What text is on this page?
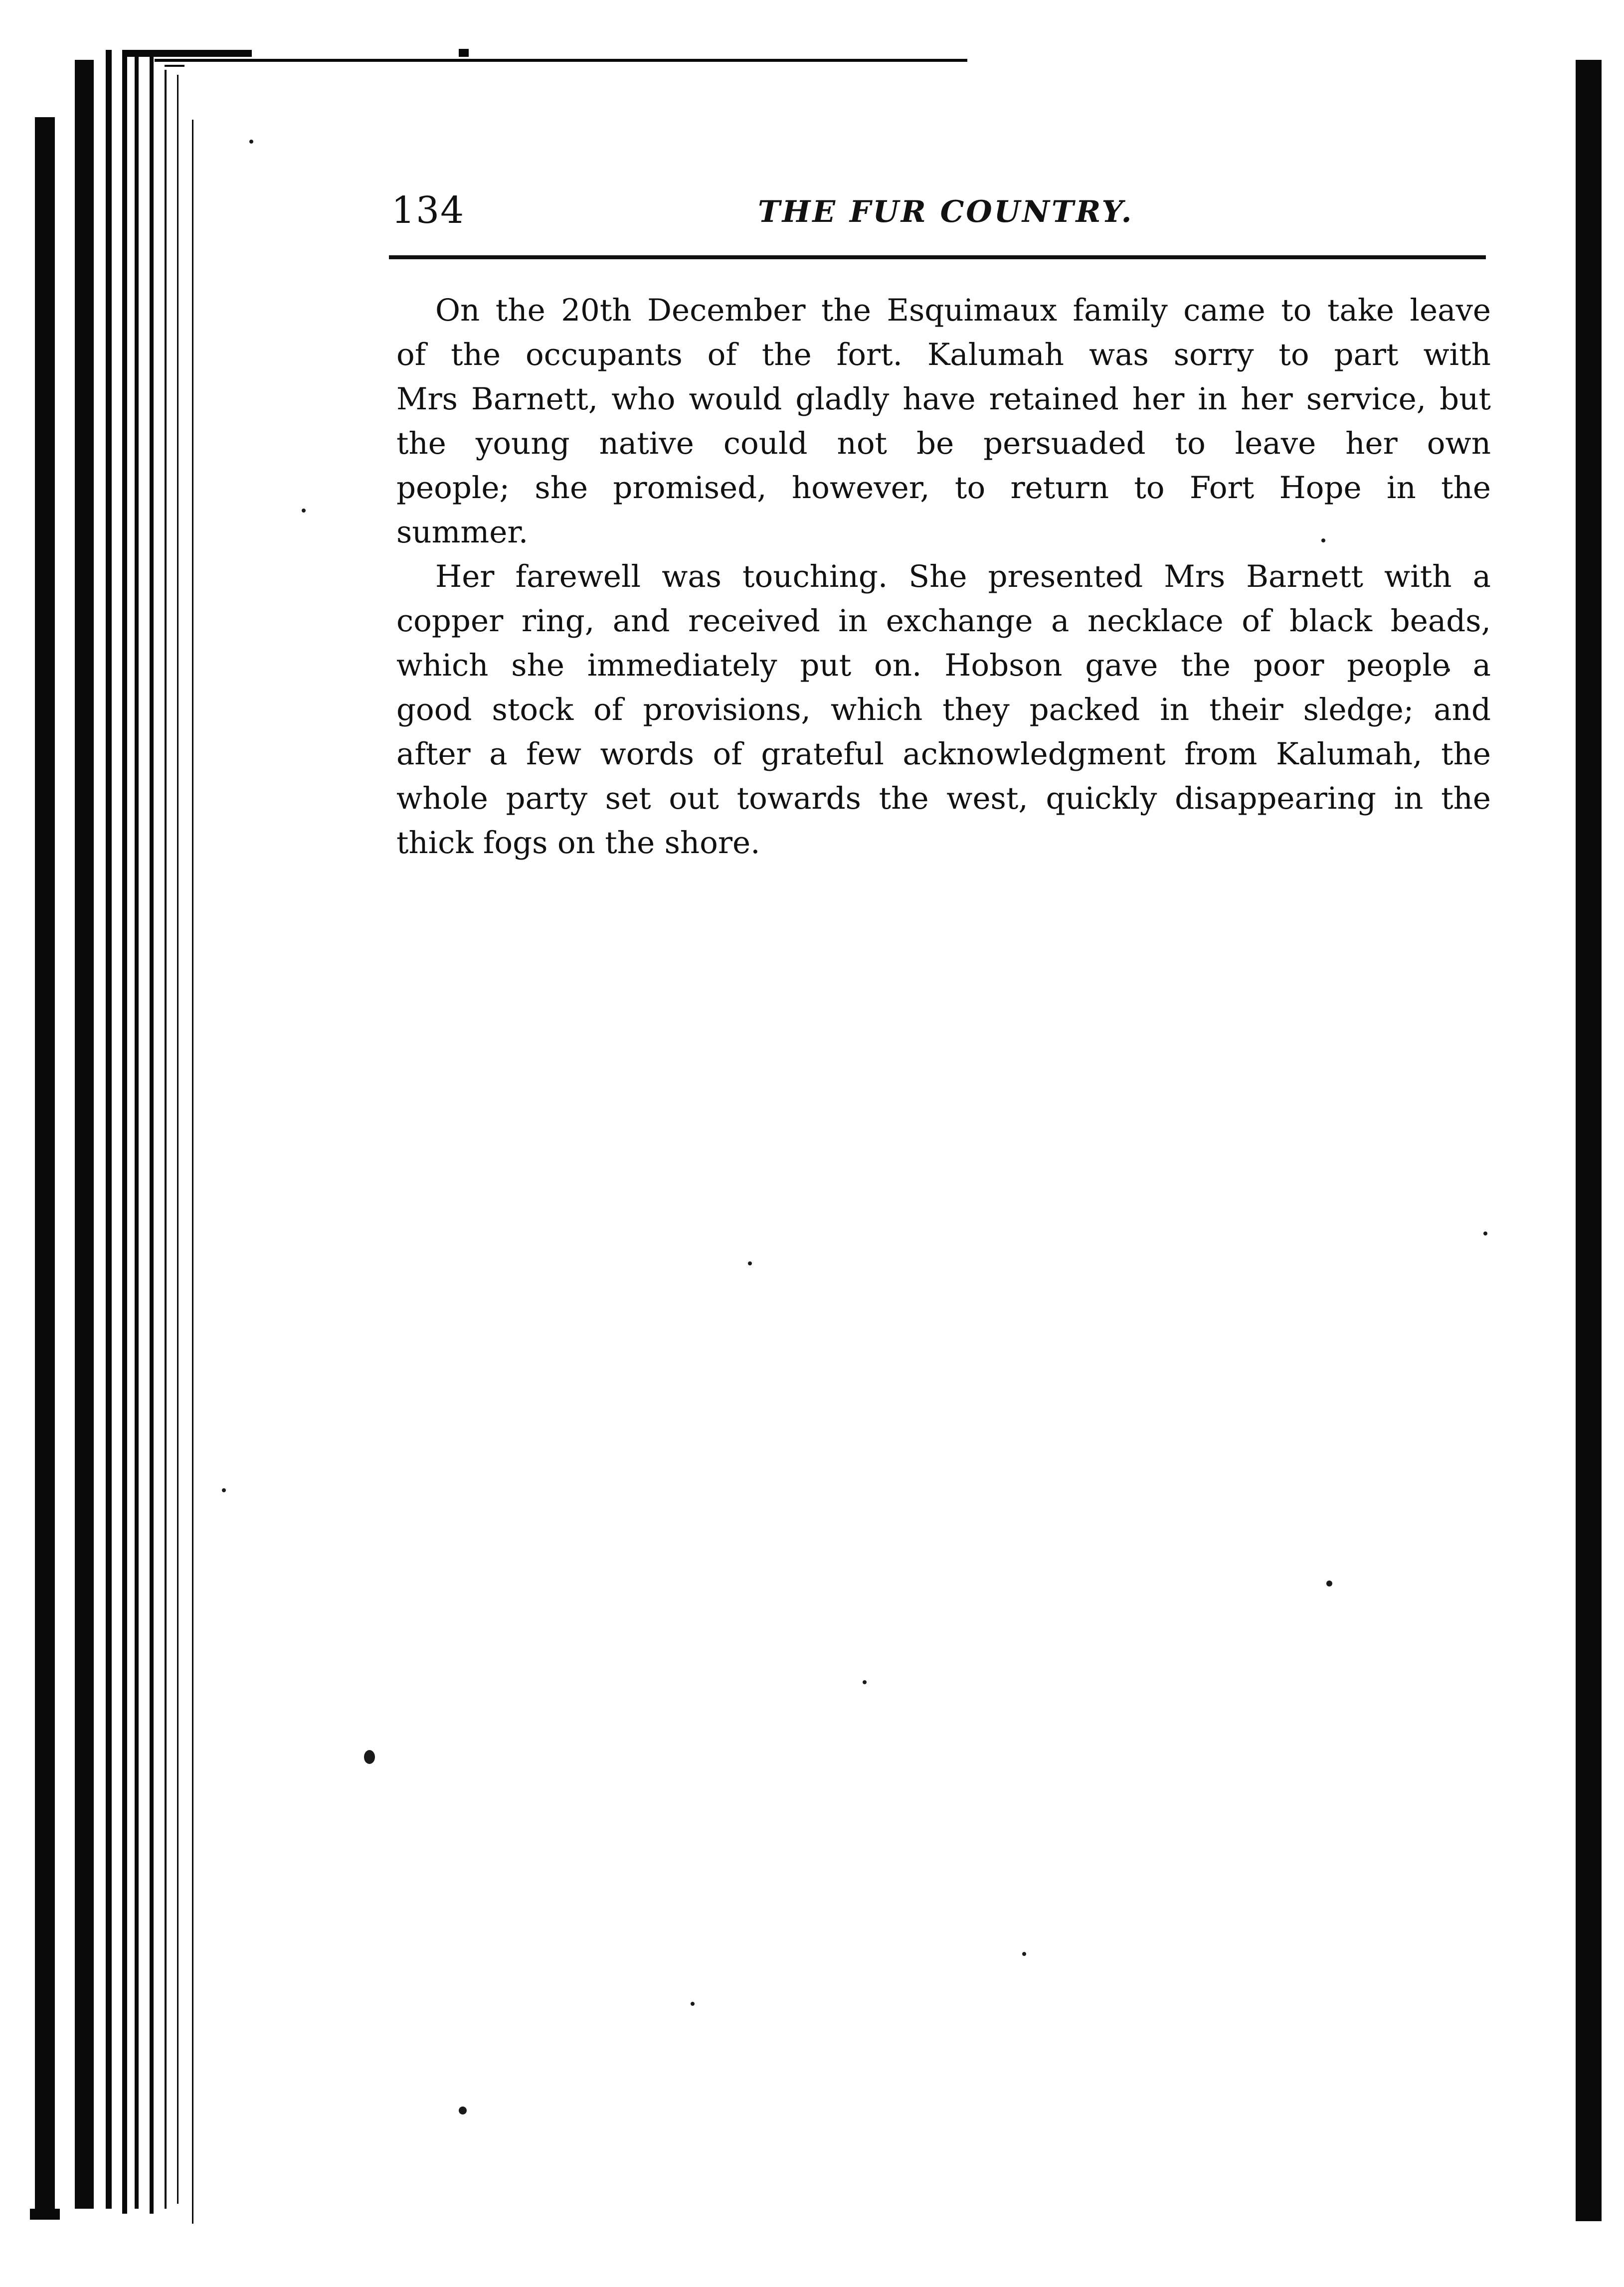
134	THE FUR COUNTRY.
On the 20th December the Esquimaux family came to take leave
of the occupants of the fort. Kalumah was sorry to part with
Mrs Barnett, who would gladly have retained her in her service, but
the young native could not be persuaded to leave her own
people; she promised, however, to return to Fort Hope in the
summer.
Her farewell was touching. She presented Mrs Barnett with a
copper ring, and received in exchange a necklace of black beads,
which she immediately put on. Hobson gave the poor people a
good stock of provisions, which they packed in their sledge; and
after a few words of grateful acknowledgment from Kalumah, the
whole party set out towards the west, quickly disappearing in the
thick fogs on the shore.
